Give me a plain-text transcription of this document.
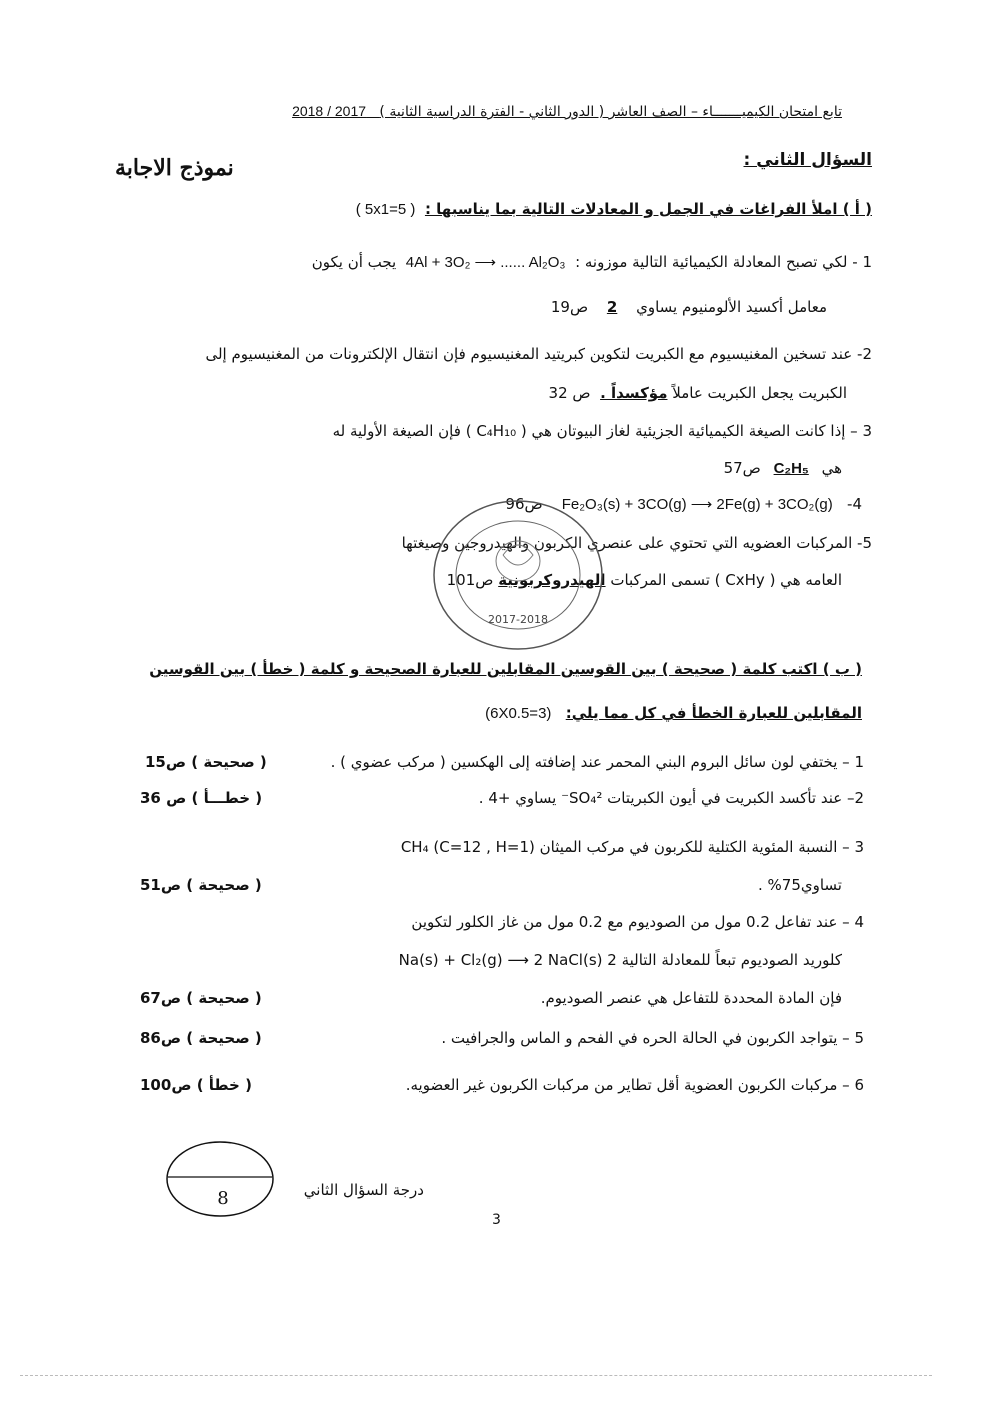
تابع امتحان الكيميـــــــاء – الصف العاشر ( الدور الثاني - الفترة الدراسية الثانية )   2018 / 2017
السؤال الثاني :
نموذج الاجابة
( أ ) املأ الفراغات في الجمل و المعادلات التالية بما يناسبها :  ( 5x1=5 )
1 - لكي تصبح المعادلة الكيميائية التالية موزونه :  4Al + 3O₂ ⟶ ...... Al₂O₃  يجب أن يكون
معامل أكسيد الألومنيوم يساوي 2 ص19
2- عند تسخين المغنيسيوم مع الكبريت لتكوين كبريتيد المغنيسيوم فإن انتقال الإلكترونات من المغنيسيوم إلى
الكبريت يجعل الكبريت عاملاً مؤكسداً .  ص 32
3 – إذا كانت الصيغة الكيميائية الجزيئية لغاز البيوتان هي ( C₄H₁₀ ) فإن الصيغة الأولية له
هي C₂H₅ ص57
4-   Fe₂O₃(s) + 3CO(g) ⟶ 2Fe(g) + 3CO₂(g)    ص96
5- المركبات العضويه التي تحتوي على عنصري الكربون والهيدروجين وصيغتها
العامه هي ( CxHy ) تسمى المركبات الهيدروكربونية ص101
2017-2018
( ب ) اكتب كلمة ( صحيحة ) بين القوسين المقابلين للعبارة الصحيحة و كلمة ( خطأ ) بين القوسين
المقابلين للعبارة الخطأ في كل مما يلي:   (6X0.5=3)
1 – يختفي لون سائل البروم البني المحمر عند إضافته إلى الهكسين ( مركب عضوي ) .
( صحيحة ) ص15
2– عند تأكسد الكبريت في أيون الكبريتات SO₄²⁻ يساوي +4 .
( خطـــأ ) ص 36
3 – النسبة المئوية الكتلية للكربون في مركب الميثان CH₄ (C=12 , H=1)
تساوي75% .
( صحيحة ) ص51
4 – عند تفاعل 0.2 مول من الصوديوم مع 0.2 مول من غاز الكلور لتكوين
كلوريد الصوديوم تبعاً للمعادلة التالية 2 Na(s) + Cl₂(g) ⟶ 2 NaCl(s)
فإن المادة المحددة للتفاعل هي عنصر الصوديوم.
( صحيحة ) ص67
5 – يتواجد الكربون في الحالة الحره في الفحم و الماس والجرافيت .
( صحيحة ) ص86
6 – مركبات الكربون العضوية أقل تطاير من مركبات الكربون غير العضويه.
( خطأ ) ص100
8	درجة السؤال الثاني
3
